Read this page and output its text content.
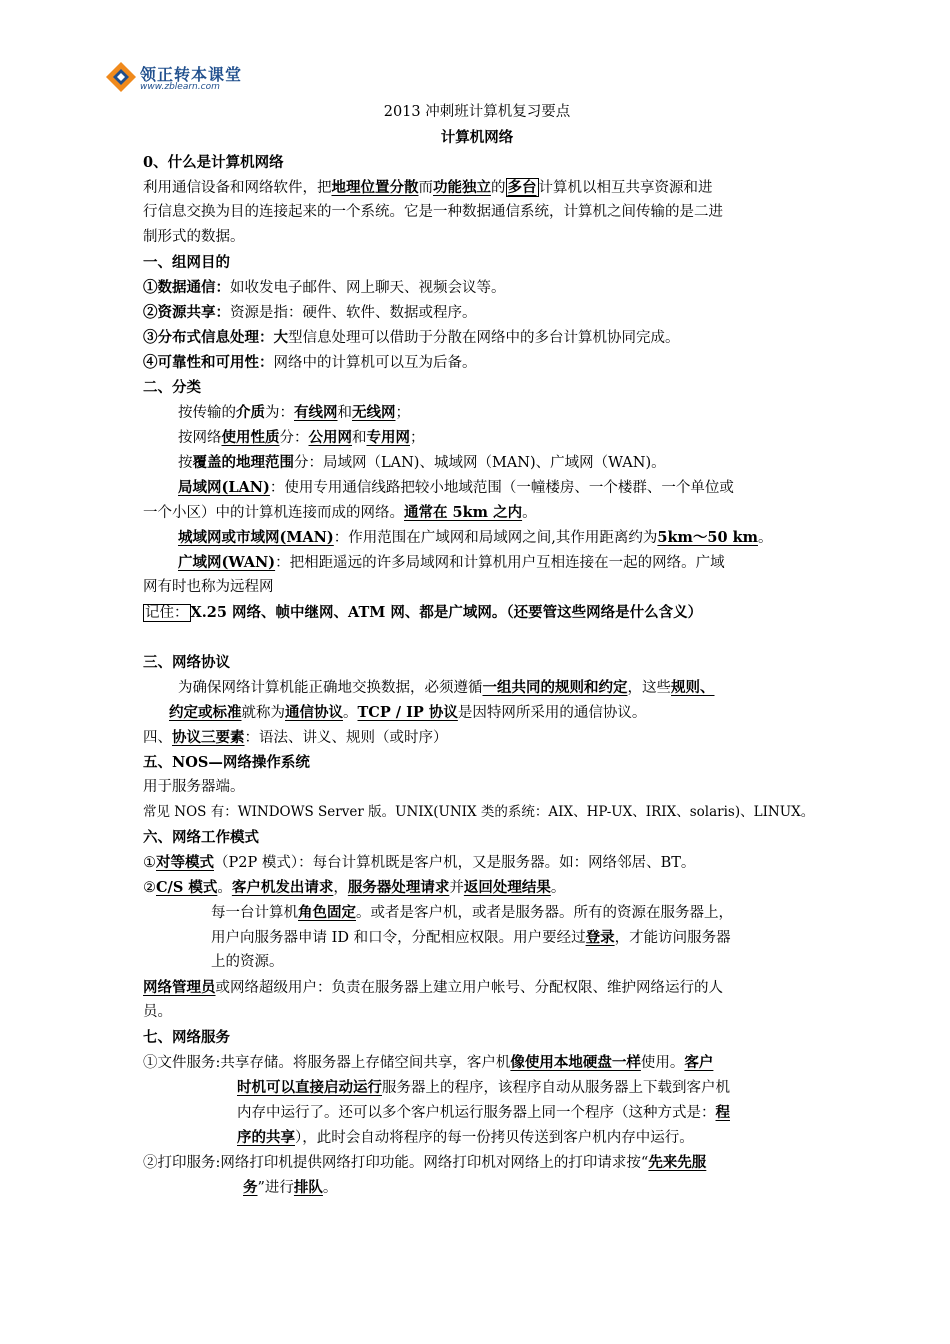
领正转本课堂
www.zblearn.com
2013 冲刺班计算机复习要点
计算机网络
0、什么是计算机网络
利用通信设备和网络软件，把地理位置分散而功能独立的 多台 计算机以相互共享资源和进
行信息交换为目的连接起来的一个系统。它是一种数据通信系统，计算机之间传输的是二进
制形式的数据。
一、组网目的
①数据通信：如收发电子邮件、网上聊天、视频会议等。
②资源共享：资源是指：硬件、软件、数据或程序。
③分布式信息处理：大型信息处理可以借助于分散在网络中的多台计算机协同完成。
④可靠性和可用性：网络中的计算机可以互为后备。
二、分类
按传输的介质为：有线网和无线网；
按网络使用性质分：公用网和专用网；
按覆盖的地理范围分：局域网（LAN)、城域网（MAN)、广域网（WAN)。
局域网(LAN)：使用专用通信线路把较小地域范围（一幢楼房、一个楼群、一个单位或
一个小区）中的计算机连接而成的网络。通常在 5km 之内。
城域网或市域网(MAN)：作用范围在广域网和局域网之间,其作用距离约为5km～50 km。
广域网(WAN)：把相距遥远的许多局域网和计算机用户互相连接在一起的网络。广域
网有时也称为远程网
记住： X.25 网络、帧中继网、ATM 网、都是广域网。（还要管这些网络是什么含义）
三、网络协议
为确保网络计算机能正确地交换数据，必须遵循一组共同的规则和约定，这些规则、
约定或标准就称为通信协议。TCP / IP 协议是因特网所采用的通信协议。
四、协议三要素：语法、讲义、规则（或时序）
五、NOS—网络操作系统
用于服务器端。
常见 NOS 有：WINDOWS Server 版。UNIX(UNIX 类的系统：AIX、HP-UX、IRIX、solaris)、LINUX。
六、网络工作模式
①对等模式（P2P 模式）：每台计算机既是客户机，又是服务器。如：网络邻居、BT。
②C/S 模式。客户机发出请求，服务器处理请求并返回处理结果。
每一台计算机角色固定。或者是客户机，或者是服务器。所有的资源在服务器上，
用户向服务器申请 ID 和口令，分配相应权限。用户要经过登录，才能访问服务器
上的资源。
网络管理员或网络超级用户：负责在服务器上建立用户帐号、分配权限、维护网络运行的人
员。
七、网络服务
①文件服务:共享存储。将服务器上存储空间共享，客户机像使用本地硬盘一样使用。客户
时机可以直接启动运行服务器上的程序，该程序自动从服务器上下载到客户机
内存中运行了。还可以多个客户机运行服务器上同一个程序（这种方式是：程
序的共享），此时会自动将程序的每一份拷贝传送到客户机内存中运行。
②打印服务:网络打印机提供网络打印功能。网络打印机对网络上的打印请求按“先来先服
务”进行排队。
